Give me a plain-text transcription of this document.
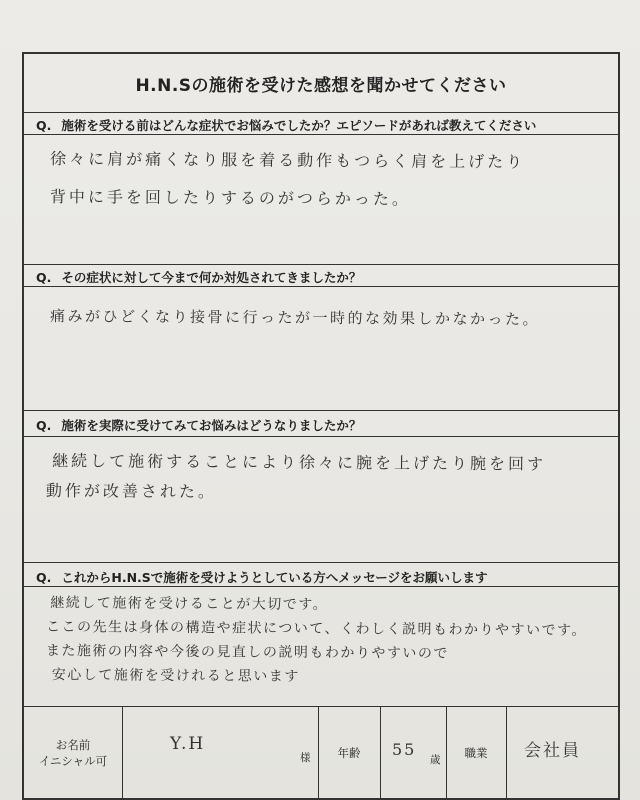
H.N.Sの施術を受けた感想を聞かせてください
Q. 施術を受ける前はどんな症状でお悩みでしたか？エピソードがあれば教えてください
徐々に肩が痛くなり服を着る動作もつらく肩を上げたり
背中に手を回したりするのがつらかった。
Q. その症状に対して今まで何か対処されてきましたか？
痛みがひどくなり接骨に行ったが一時的な効果しかなかった。
Q. 施術を実際に受けてみてお悩みはどうなりましたか？
継続して施術することにより徐々に腕を上げたり腕を回す
動作が改善された。
Q. これからH.N.Sで施術を受けようとしている方へメッセージをお願いします
継続して施術を受けることが大切です。
ここの先生は身体の構造や症状について、くわしく説明もわかりやすいです。
また施術の内容や今後の見直しの説明もわかりやすいので
安心して施術を受けれると思います
お名前
イニシャル可
Y.H
様 年齢 55
歳 職業 会社員
